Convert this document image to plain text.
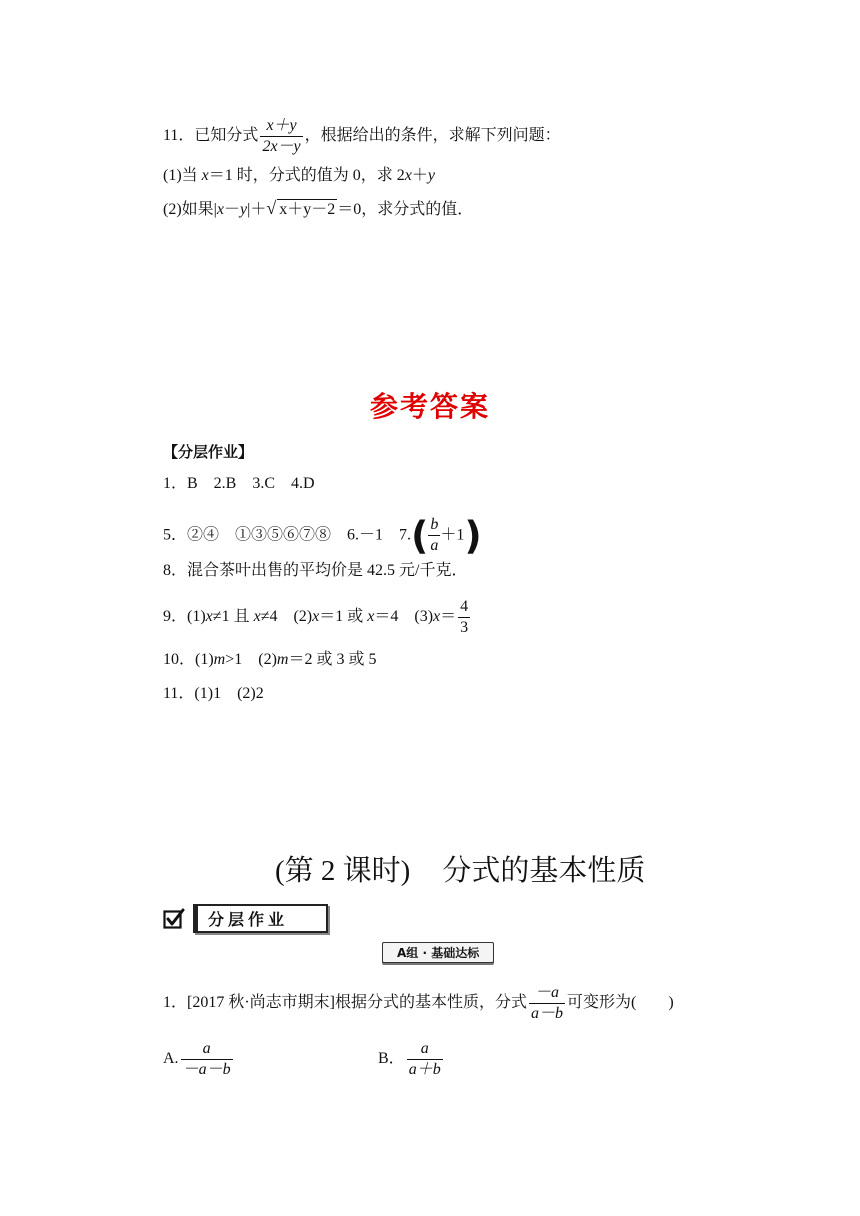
11．已知分式 $\frac{x+y}{2x-y}$ ，根据给出的条件，求解下列问题：
(1)当 x＝1 时，分式的值为 0，求 2x＋y
(2)如果|x－y|＋√ x＋y－2 ＝0，求分式的值．
参考答案
【分层作业】
1．B　2.B　3.C　4.D
5．②④　①③⑤⑥⑦⑧　6.－1　$7.( \frac{b}{a} +1)$
8．混合茶叶出售的平均价是 42.5 元/千克．
9．(1)x≠1 且 x≠4　(2)x＝1 或 x＝4　$(3)x= \frac{4}{3}$
10．(1)m>1　(2)m＝2 或 3 或 5
11．(1)1　(2)2
(第 2 课时) 分式的基本性质
分层作业
A组 · 基础达标
1．[2017 秋·尚志市期末]根据分式的基本性质，分式 $\frac{-a}{a-b}$ 可变形为(　　)
A. $\frac{a}{-a-b}$	B． $\frac{a}{a+b}$
